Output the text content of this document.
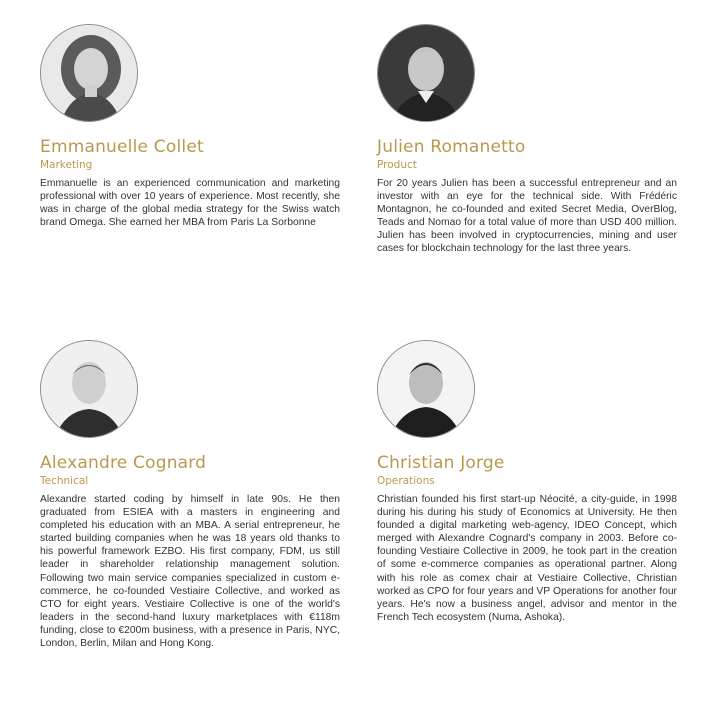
Emmanuelle Collet
Marketing

Emmanuelle is an experienced communication and marketing professional with over 10 years of experience. Most recently, she was in charge of the global media strategy for the Swiss watch brand Omega. She earned her MBA from Paris La Sorbonne

Julien Romanetto
Product

For 20 years Julien has been a successful entrepreneur and an investor with an eye for the technical side. With Frédéric Montagnon, he co-founded and exited Secret Media, OverBlog, Teads and Nomao for a total value of more than USD 400 million. Julien has been involved in cryptocurrencies, mining and user cases for blockchain technology for the last three years.

Alexandre Cognard
Technical

Alexandre started coding by himself in late 90s. He then graduated from ESIEA with a masters in engineering and completed his education with an MBA. A serial entrepreneur, he started building companies when he was 18 years old thanks to his powerful framework EZBO. His first company, FDM, us still leader in shareholder relationship management solution. Following two main service companies specialized in custom e-commerce, he co-founded Vestiaire Collective, and worked as CTO for eight years. Vestiaire Collective is one of the world's leaders in the second-hand luxury marketplaces with €118m funding, close to €200m business, with a presence in Paris, NYC, London, Berlin, Milan and Hong Kong.

Christian Jorge
Operations

Christian founded his first start-up Néocité, a city-guide, in 1998 during his during his study of Economics at University. He then founded a digital marketing web-agency, IDEO Concept, which merged with Alexandre Cognard's company in 2003. Before co-founding Vestiaire Collective in 2009, he took part in the creation of some e-commerce companies as operational partner. Along with his role as comex chair at Vestiaire Collective, Christian worked as CPO for four years and VP Operations for another four years. He's now a business angel, advisor and mentor in the French Tech ecosystem (Numa, Ashoka).
